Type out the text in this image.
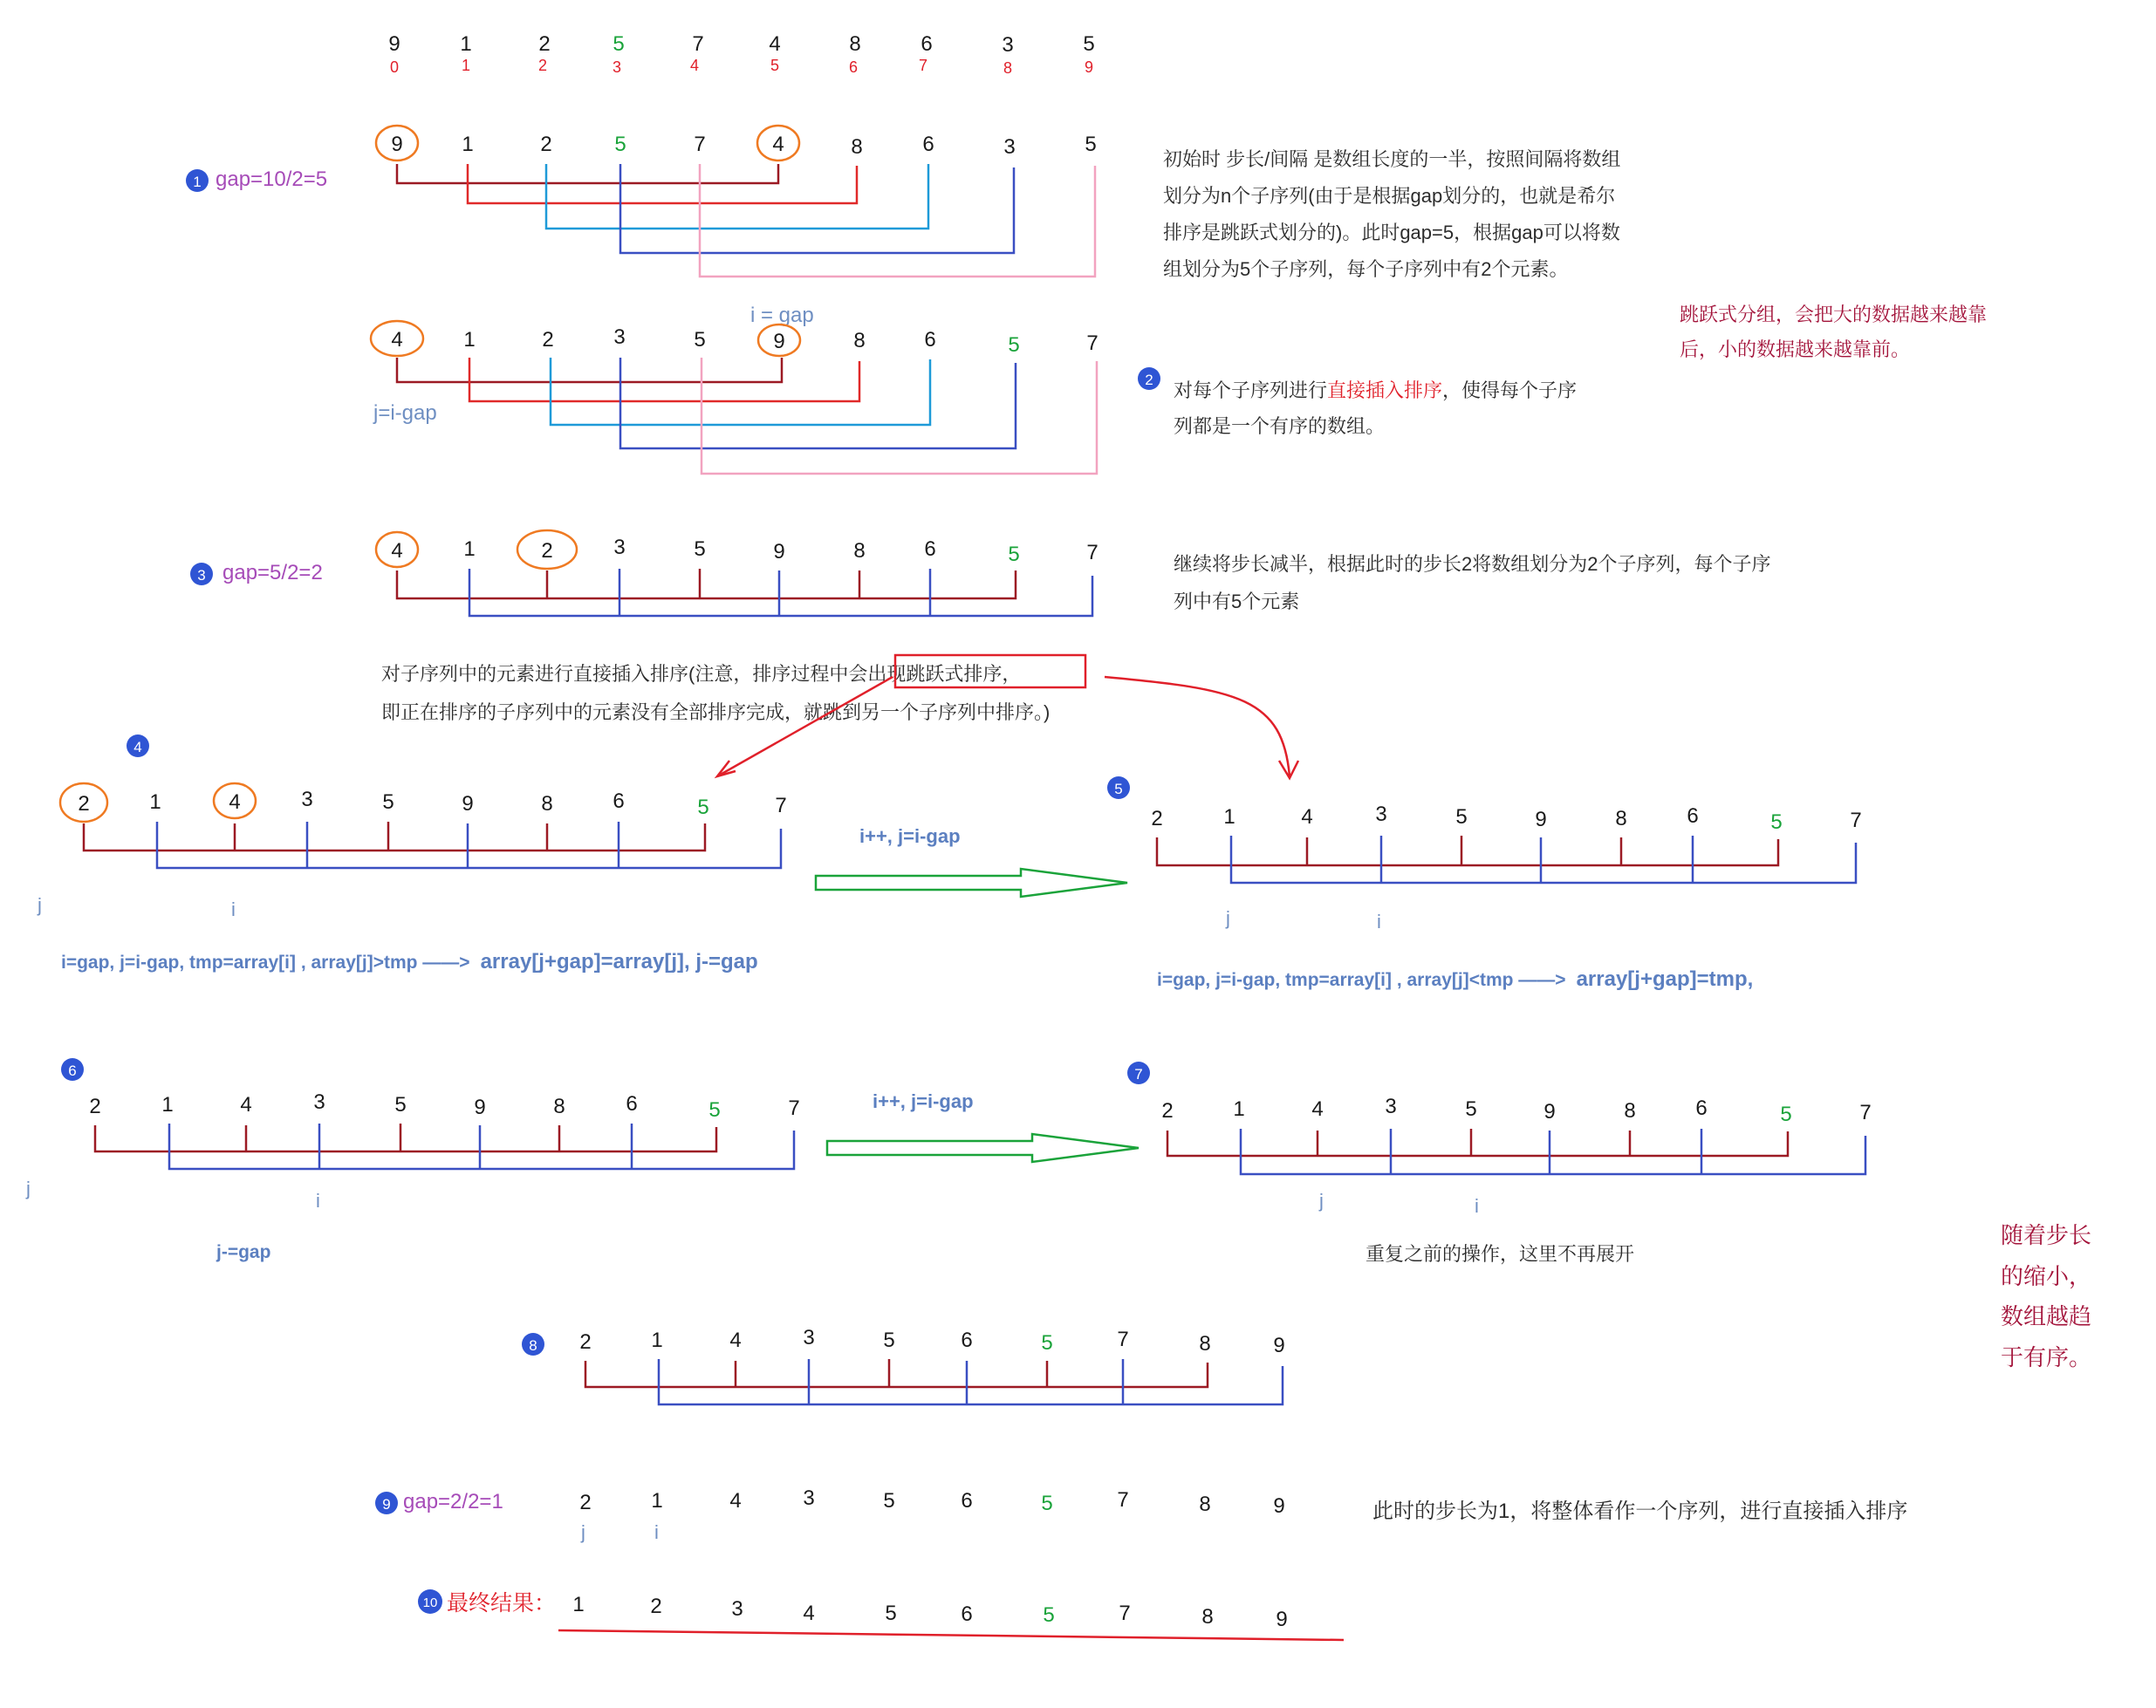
9	1	2	5	7	4	8	6	3	5
0	1	2	3	4	5	6	7	8	9
1 gap=10/2=5
9	1	2	5	7	4	8	6	3	5
初始时 步长/间隔 是数组长度的一半，按照间隔将数组
划分为n个子序列(由于是根据gap划分的，也就是希尔
排序是跳跃式划分的)。此时gap=5，根据gap可以将数
组划分为5个子序列，每个子序列中有2个元素。
i = gap
j=i-gap
4	1	2	3	5	9	8	6	5	7
2 对每个子序列进行直接插入排序，使得每个子序
列都是一个有序的数组。
跳跃式分组，会把大的数据越来越靠
后，小的数据越来越靠前。
3 gap=5/2=2
4	1	2	3	5	9	8	6	5	7	继续将步长减半，根据此时的步长2将数组划分为2个子序列，每个子序
列中有5个元素
对子序列中的元素进行直接插入排序(注意，排序过程中会出现跳跃式排序，
即正在排序的子序列中的元素没有全部排序完成，就跳到另一个子序列中排序。)
4
2	1	4	3	5	9	8	6	5	7
j	i
i=gap, j=i-gap, tmp=array[i] , array[j]>tmp ——> array[j+gap]=array[j], j-=gap
i++, j=i-gap
5
2	1	4	3	5	9	8	6	5	7
j	i
i=gap, j=i-gap, tmp=array[i] , array[j]<tmp ——> array[j+gap]=tmp,
6
2	1	4	3	5	9	8	6	5	7
j
i
j-=gap
i++, j=i-gap
7
2	1	4	3	5	9	8	6	5	7
j	i
重复之前的操作，这里不再展开
随着步长
的缩小，
数组越趋
于有序。
8 2	1	4	3	5	6	5	7	8	9
9 gap=2/2=1	2	1	4	3	5	6	5	7	8	9
j	i
此时的步长为1，将整体看作一个序列，进行直接插入排序
10 最终结果： 1	2	3	4	5	6	5	7	8	9
